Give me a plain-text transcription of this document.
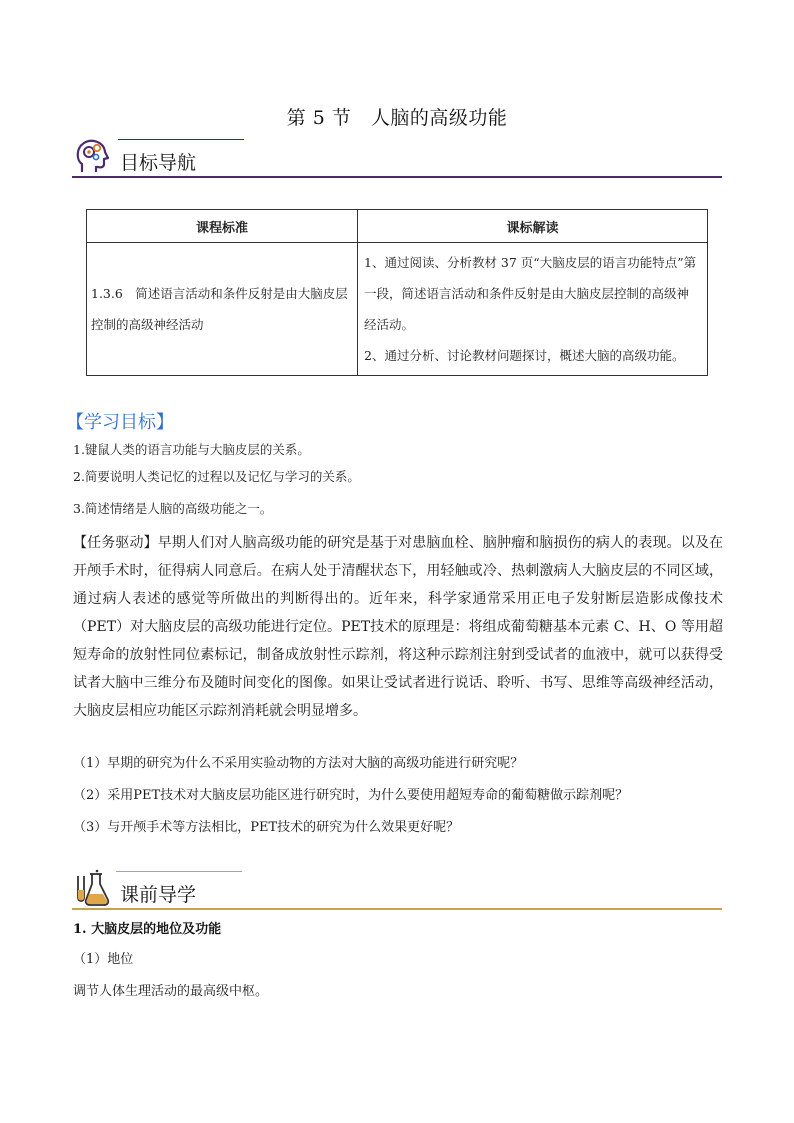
第 5 节　人脑的高级功能
目标导航
课程标准	课标解读
1.3.6　简述语言活动和条件反射是由大脑皮层控制的高级神经活动	1、通过阅读、分析教材 37 页“大脑皮层的语言功能特点”第一段，简述语言活动和条件反射是由大脑皮层控制的高级神经活动。
2、通过分析、讨论教材问题探讨，概述大脑的高级功能。
【学习目标】
1.键鼠人类的语言功能与大脑皮层的关系。
2.简要说明人类记忆的过程以及记忆与学习的关系。
3.简述情绪是人脑的高级功能之一。
【任务驱动】早期人们对人脑高级功能的研究是基于对患脑血栓、脑肿瘤和脑损伤的病人的表现。以及在开颅手术时，征得病人同意后。在病人处于清醒状态下，用轻触或冷、热刺激病人大脑皮层的不同区域，通过病人表述的感觉等所做出的判断得出的。近年来，科学家通常采用正电子发射断层造影成像技术（PET）对大脑皮层的高级功能进行定位。PET技术的原理是：将组成葡萄糖基本元素 C、H、O 等用超短寿命的放射性同位素标记，制备成放射性示踪剂，将这种示踪剂注射到受试者的血液中，就可以获得受试者大脑中三维分布及随时间变化的图像。如果让受试者进行说话、聆听、书写、思维等高级神经活动，大脑皮层相应功能区示踪剂消耗就会明显增多。
（1）早期的研究为什么不采用实验动物的方法对大脑的高级功能进行研究呢？
（2）采用PET技术对大脑皮层功能区进行研究时，为什么要使用超短寿命的葡萄糖做示踪剂呢？
（3）与开颅手术等方法相比，PET技术的研究为什么效果更好呢？
课前导学
1. 大脑皮层的地位及功能
（1）地位
调节人体生理活动的最高级中枢。
